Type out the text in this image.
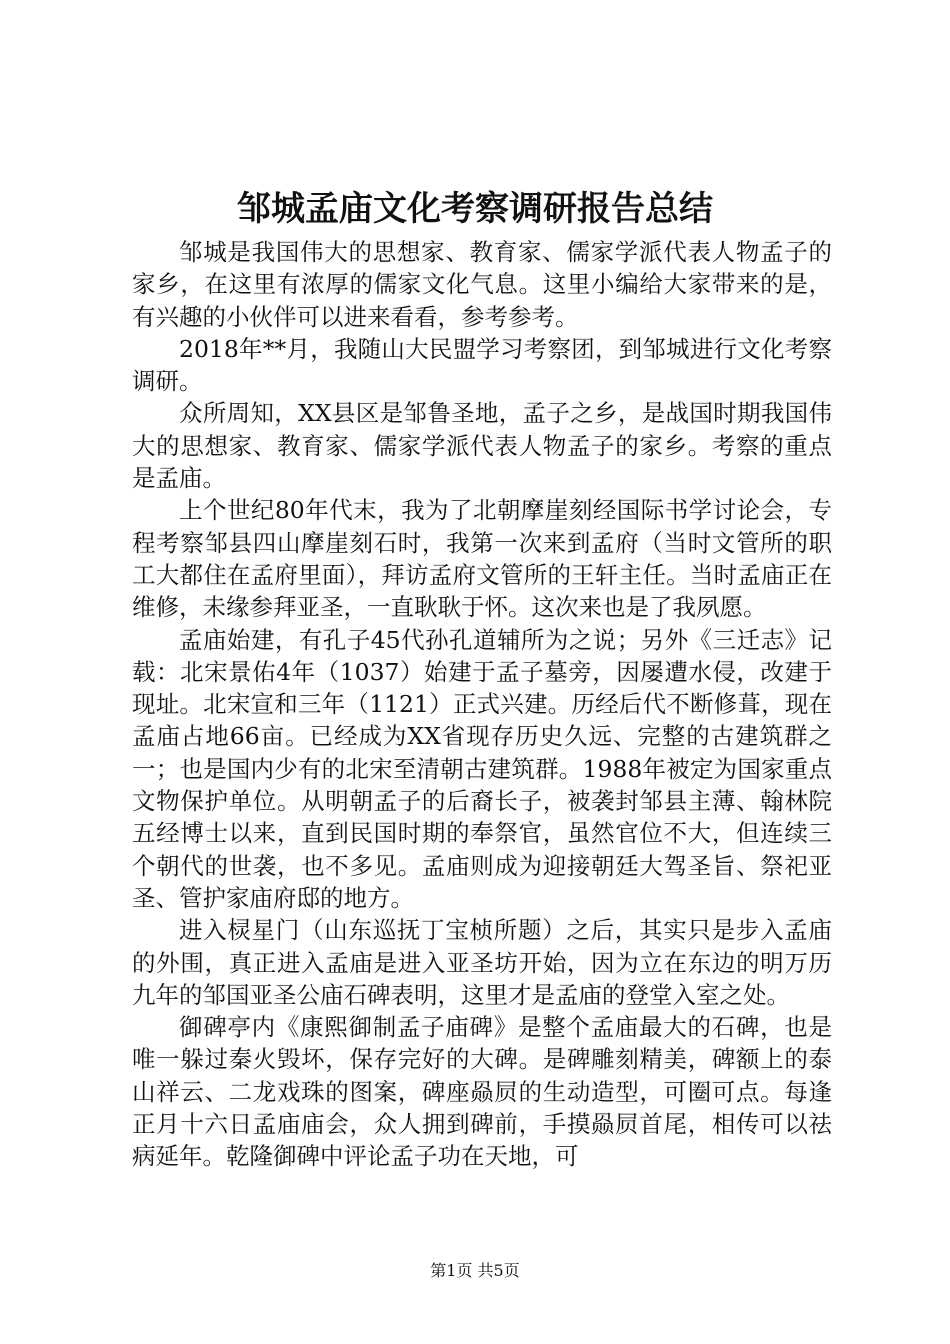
邹城孟庙文化考察调研报告总结

邹城是我国伟大的思想家、教育家、儒家学派代表人物孟子的家乡，在这里有浓厚的儒家文化气息。这里小编给大家带来的是，有兴趣的小伙伴可以进来看看，参考参考。

2018年**月，我随山大民盟学习考察团，到邹城进行文化考察调研。

众所周知，XX县区是邹鲁圣地，孟子之乡，是战国时期我国伟大的思想家、教育家、儒家学派代表人物孟子的家乡。考察的重点是孟庙。

上个世纪80年代末，我为了北朝摩崖刻经国际书学讨论会，专程考察邹县四山摩崖刻石时，我第一次来到孟府（当时文管所的职工大都住在孟府里面），拜访孟府文管所的王轩主任。当时孟庙正在维修，未缘参拜亚圣，一直耿耿于怀。这次来也是了我夙愿。

孟庙始建，有孔子45代孙孔道辅所为之说；另外《三迁志》记载：北宋景佑4年（1037）始建于孟子墓旁，因屡遭水侵，改建于现址。北宋宣和三年（1121）正式兴建。历经后代不断修葺，现在孟庙占地66亩。已经成为XX省现存历史久远、完整的古建筑群之一；也是国内少有的北宋至清朝古建筑群。1988年被定为国家重点文物保护单位。从明朝孟子的后裔长子，被袭封邹县主薄、翰林院五经博士以来，直到民国时期的奉祭官，虽然官位不大，但连续三个朝代的世袭，也不多见。孟庙则成为迎接朝廷大驾圣旨、祭祀亚圣、管护家庙府邸的地方。

进入棂星门（山东巡抚丁宝桢所题）之后，其实只是步入孟庙的外围，真正进入孟庙是进入亚圣坊开始，因为立在东边的明万历九年的邹国亚圣公庙石碑表明，这里才是孟庙的登堂入室之处。

御碑亭内《康熙御制孟子庙碑》是整个孟庙最大的石碑，也是唯一躲过秦火毁坏，保存完好的大碑。是碑雕刻精美，碑额上的泰山祥云、二龙戏珠的图案，碑座赑屃的生动造型，可圈可点。每逢正月十六日孟庙庙会，众人拥到碑前，手摸赑屃首尾，相传可以祛病延年。乾隆御碑中评论孟子功在天地，可

第1页 共5页
